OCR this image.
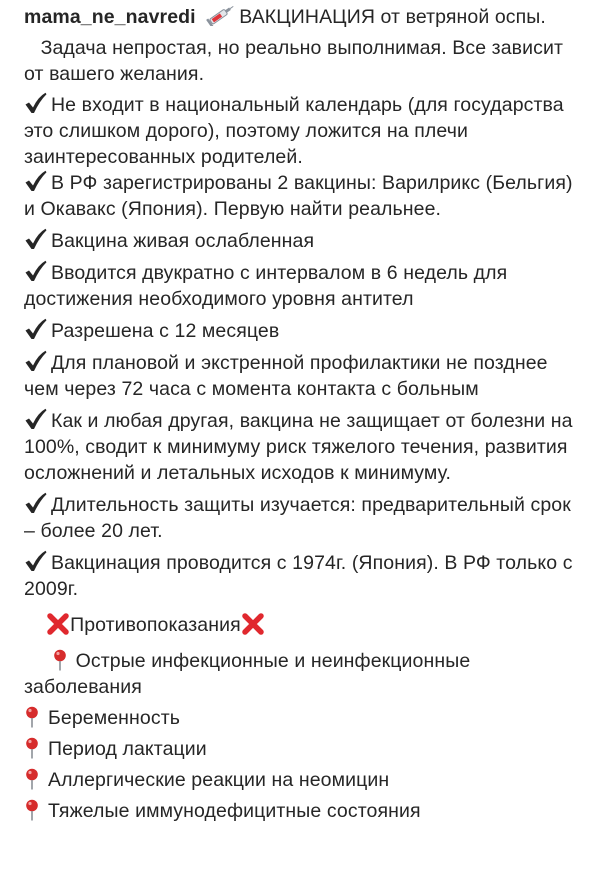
mama_ne_navredi ВАКЦИНАЦИЯ от ветряной оспы.

Задача непростая, но реально выполнимая. Все зависит от вашего желания.

Не входит в национальный календарь (для государства это слишком дорого), поэтому ложится на плечи заинтересованных родителей.

В РФ зарегистрированы 2 вакцины: Варилрикс (Бельгия) и Окавакс (Япония). Первую найти реальнее.

Вакцина живая ослабленная

Вводится двукратно с интервалом в 6 недель для достижения необходимого уровня антител

Разрешена с 12 месяцев

Для плановой и экстренной профилактики не позднее чем через 72 часа с момента контакта с больным

Как и любая другая, вакцина не защищает от болезни на 100%, сводит к минимуму риск тяжелого течения, развития осложнений и летальных исходов к минимуму.

Длительность защиты изучается: предварительный срок – более 20 лет.

Вакцинация проводится с 1974г. (Япония). В РФ только с 2009г.

Противопоказания

Острые инфекционные и неинфекционные заболевания

Беременность

Период лактации

Аллергические реакции на неомицин

Тяжелые иммунодефицитные состояния
